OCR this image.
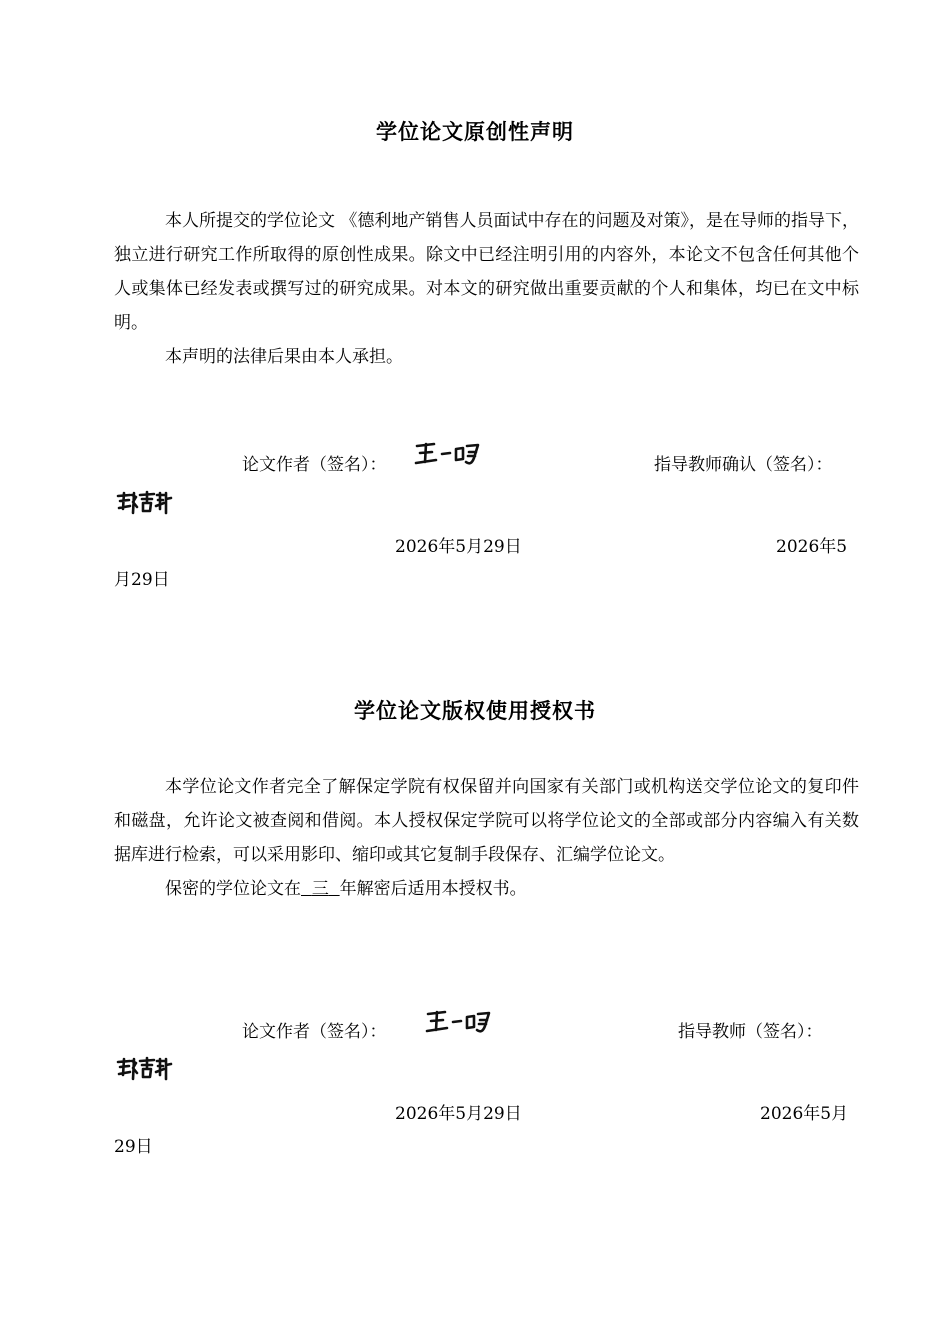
学位论文原创性声明

本人所提交的学位论文 《德利地产销售人员面试中存在的问题及对策》，是在导师的指导下，独立进行研究工作所取得的原创性成果。除文中已经注明引用的内容外，本论文不包含任何其他个人或集体已经发表或撰写过的研究成果。对本文的研究做出重要贡献的个人和集体，均已在文中标明。

本声明的法律后果由本人承担。

论文作者（签名）：	指导教师确认（签名）：
2026年5月29日	2026年5
月29日
学位论文版权使用授权书

本学位论文作者完全了解保定学院有权保留并向国家有关部门或机构送交学位论文的复印件和磁盘，允许论文被查阅和借阅。本人授权保定学院可以将学位论文的全部或部分内容编入有关数据库进行检索，可以采用影印、缩印或其它复制手段保存、汇编学位论文。

保密的学位论文在 三 年解密后适用本授权书。

论文作者（签名）：	指导教师（签名）：
2026年5月29日	2026年5月
29日
